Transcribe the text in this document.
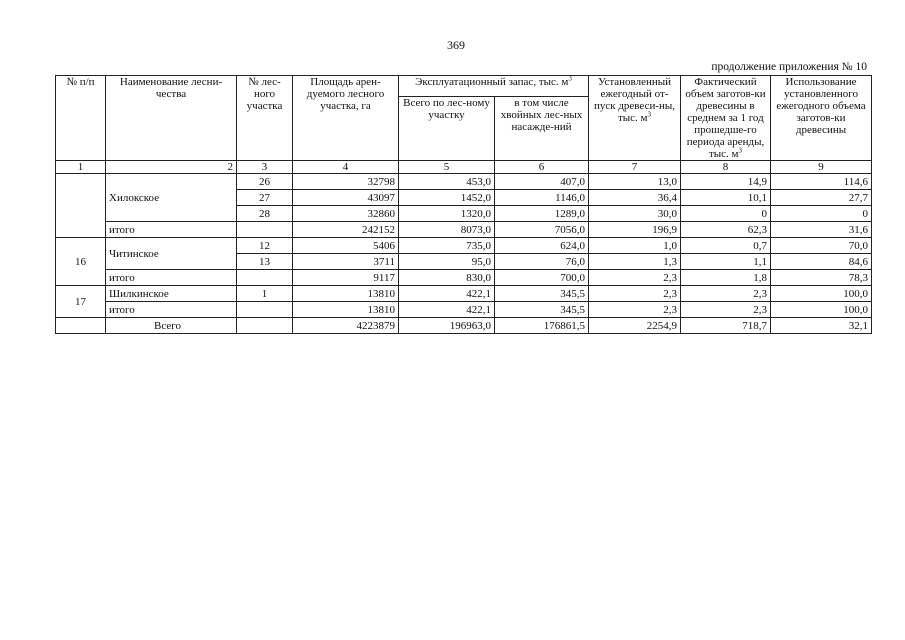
369
продолжение приложения № 10
№ п/п	Наименование лесни-чества	№ лес-ного участка	Площадь арен-дуемого лесного участка, га	Эксплуатационный запас, тыс. $м^3$		Установленный ежегодный от-пуск древеси-ны, тыс. $м^3$	Фактический объем заготов-ки древесины в среднем за 1 год прошедше-го периода аренды, тыс. $м^3$	Использование установленного ежегодного объема заготов-ки древесины
				Всего по лес-ному участку	в том числе хвойных лес-ных насажде-ний			
1	2	3	4	5	6	7	8	9
	Хилокское	26	32798	453,0	407,0	13,0	14,9	114,6
		27	43097	1452,0	1146,0	36,4	10,1	27,7
		28	32860	1320,0	1289,0	30,0	0	0
	итого		242152	8073,0	7056,0	196,9	62,3	31,6
16	Читинское	12	5406	735,0	624,0	1,0	0,7	70,0
		13	3711	95,0	76,0	1,3	1,1	84,6
	итого		9117	830,0	700,0	2,3	1,8	78,3
17	Шилкинское	1	13810	422,1	345,5	2,3	2,3	100,0
	итого		13810	422,1	345,5	2,3	2,3	100,0
	Всего		4223879	196963,0	176861,5	2254,9	718,7	32,1
